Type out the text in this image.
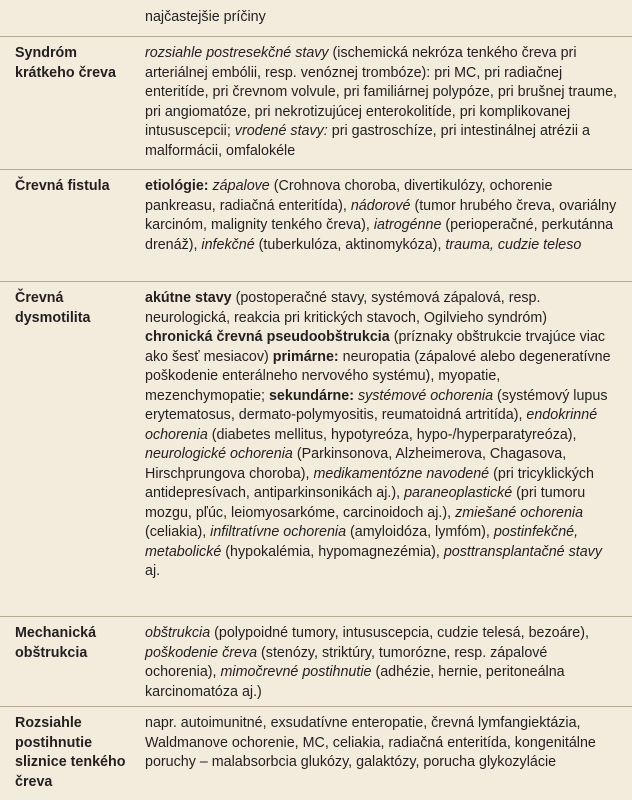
najčastejšie príčiny
Syndróm krátkeho čreva
rozsiahle postresekčné stavy (ischemická nekróza tenkého čreva pri arteriálnej embólii, resp. venóznej trombóze): pri MC, pri radiačnej enteritíde, pri črevnom volvule, pri familiárnej polypóze, pri brušnej traume, pri angiomatóze, pri nekrotizujúcej enterokolitíde, pri komplikovanej intususcepcii; vrodené stavy: pri gastroschíze, pri intestinálnej atrézii a malformácii, omfalokéle
Črevná fistula	etiológie: zápalove (Crohnova choroba, divertikulózy, ochorenie pankreasu, radiačná enteritída), nádorové (tumor hrubého čreva, ovariálny karcinóm, malignity tenkého čreva), iatrogénne (perioperačné, perkutánna drenáž), infekčné (tuberkulóza, aktinomykóza), trauma, cudzie teleso
Črevná dysmotilita
akútne stavy (postoperačné stavy, systémová zápalová, resp. neurologická, reakcia pri kritických stavoch, Ogilvieho syndróm) chronická črevná pseudoobštrukcia (príznaky obštrukcie trvajúce viac ako šesť mesiacov) primárne: neuropatia (zápalové alebo degeneratívne poškodenie enterálneho nervového systému), myopatie, mezenchymopatie; sekundárne: systémové ochorenia (systémový lupus erytematosus, dermato-polymyositis, reumatoidná artritída), endokrinné ochorenia (diabetes mellitus, hypotyreóza, hypo-/hyperparatyreóza), neurologické ochorenia (Parkinsonova, Alzheimerova, Chagasova, Hirschprungova choroba), medikamentózne navodené (pri tricyklických antidepresívach, antiparkinsonikách aj.), paraneoplastické (pri tumoru mozgu, pľúc, leiomyosarkóme, carcinoidoch aj.), zmiešané ochorenia (celiakia), infiltratívne ochorenia (amyloidóza, lymfóm), postinfekčné, metabolické (hypokalémia, hypomagnezémia), posttransplantačné stavy aj.
Mechanická obštrukcia
obštrukcia (polypoidné tumory, intususcepcia, cudzie telesá, bezoáre), poškodenie čreva (stenózy, striktúry, tumorózne, resp. zápalové ochorenia), mimočrevné postihnutie (adhézie, hernie, peritoneálna karcinomatóza aj.)
Rozsiahle postihnutie sliznice tenkého čreva
napr. autoimunitné, exsudatívne enteropatie, črevná lymfangiektázia, Waldmanove ochorenie, MC, celiakia, radiačná enteritída, kongenitálne poruchy – malabsorbcia glukózy, galaktózy, porucha glykozylácie
